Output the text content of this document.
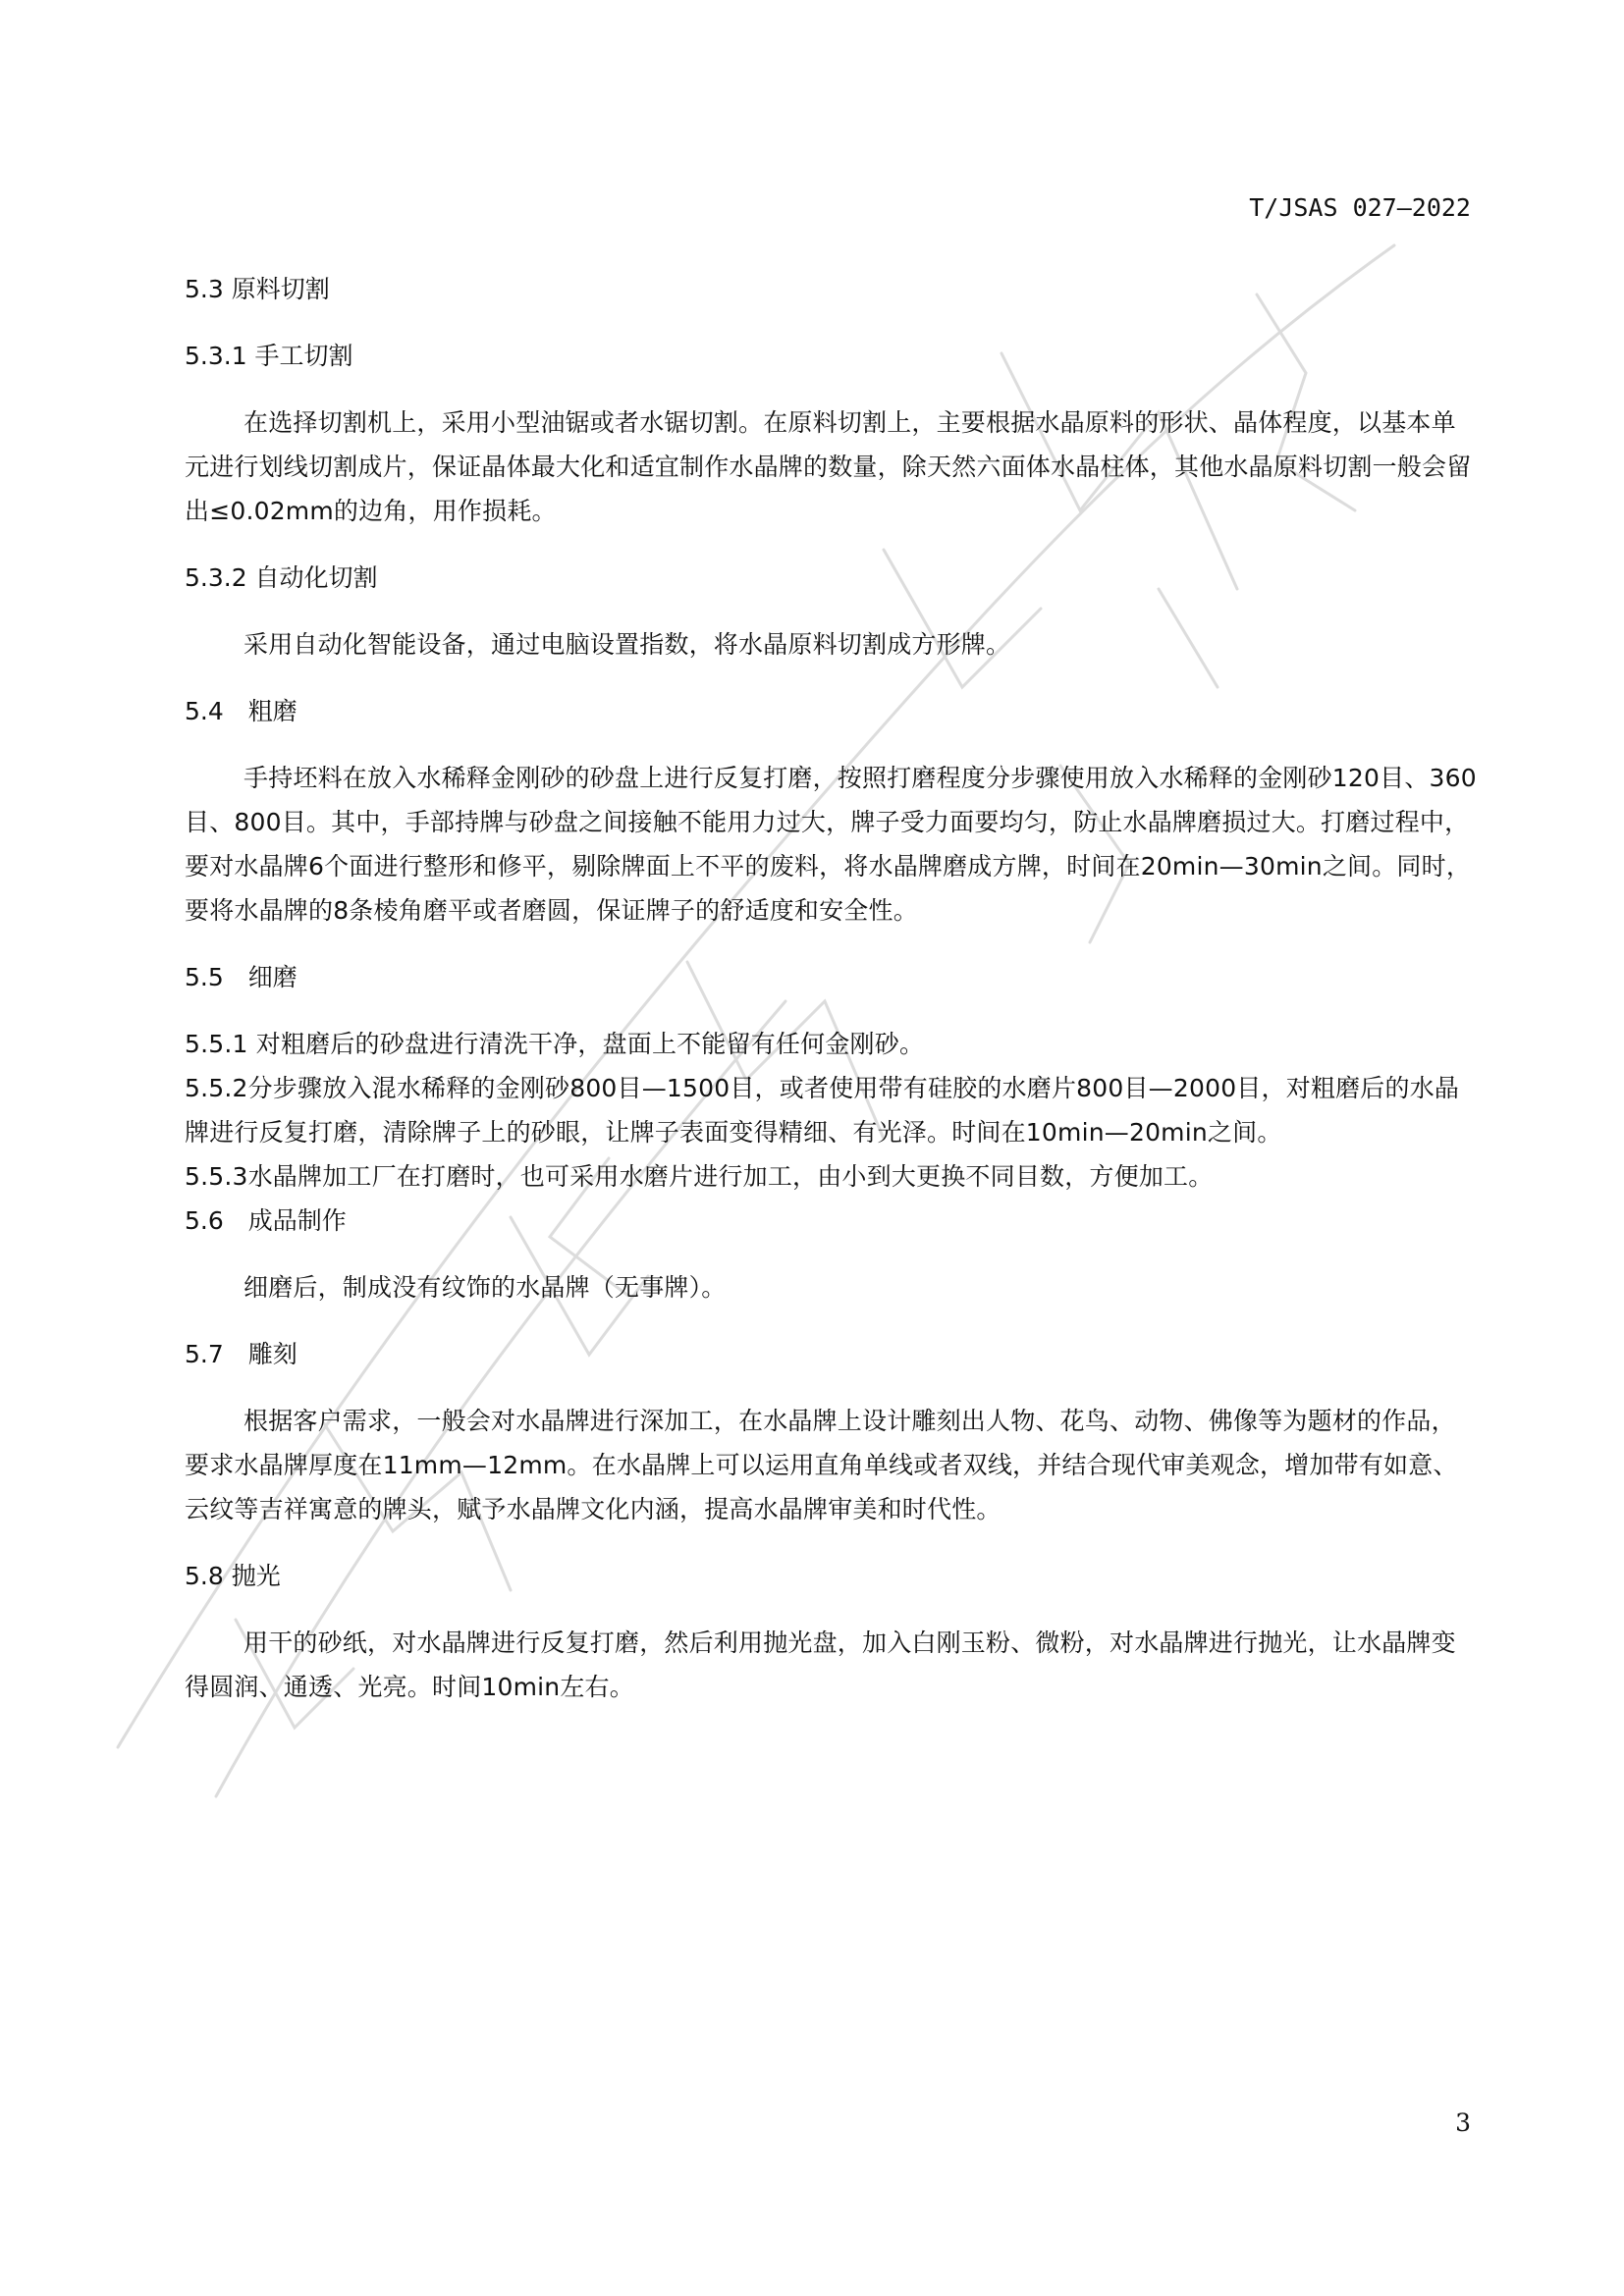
T/JSAS 027—2022

5.3 原料切割

5.3.1 手工切割

在选择切割机上，采用小型油锯或者水锯切割。在原料切割上，主要根据水晶原料的形状、晶体程度，以基本单元进行划线切割成片，保证晶体最大化和适宜制作水晶牌的数量，除天然六面体水晶柱体，其他水晶原料切割一般会留出≤0.02mm的边角，用作损耗。

5.3.2 自动化切割

采用自动化智能设备，通过电脑设置指数，将水晶原料切割成方形牌。

5.4　粗磨

手持坯料在放入水稀释金刚砂的砂盘上进行反复打磨，按照打磨程度分步骤使用放入水稀释的金刚砂120目、360目、800目。其中，手部持牌与砂盘之间接触不能用力过大，牌子受力面要均匀，防止水晶牌磨损过大。打磨过程中，要对水晶牌6个面进行整形和修平，剔除牌面上不平的废料，将水晶牌磨成方牌，时间在20min—30min之间。同时，要将水晶牌的8条棱角磨平或者磨圆，保证牌子的舒适度和安全性。

5.5　细磨

5.5.1 对粗磨后的砂盘进行清洗干净，盘面上不能留有任何金刚砂。

5.5.2分步骤放入混水稀释的金刚砂800目—1500目，或者使用带有硅胶的水磨片800目—2000目，对粗磨后的水晶牌进行反复打磨，清除牌子上的砂眼，让牌子表面变得精细、有光泽。时间在10min—20min之间。

5.5.3水晶牌加工厂在打磨时，也可采用水磨片进行加工，由小到大更换不同目数，方便加工。

5.6　成品制作

细磨后，制成没有纹饰的水晶牌（无事牌）。

5.7　雕刻

根据客户需求，一般会对水晶牌进行深加工，在水晶牌上设计雕刻出人物、花鸟、动物、佛像等为题材的作品，要求水晶牌厚度在11mm—12mm。在水晶牌上可以运用直角单线或者双线，并结合现代审美观念，增加带有如意、云纹等吉祥寓意的牌头，赋予水晶牌文化内涵，提高水晶牌审美和时代性。

5.8 抛光

用干的砂纸，对水晶牌进行反复打磨，然后利用抛光盘，加入白刚玉粉、微粉，对水晶牌进行抛光，让水晶牌变得圆润、通透、光亮。时间10min左右。

3
